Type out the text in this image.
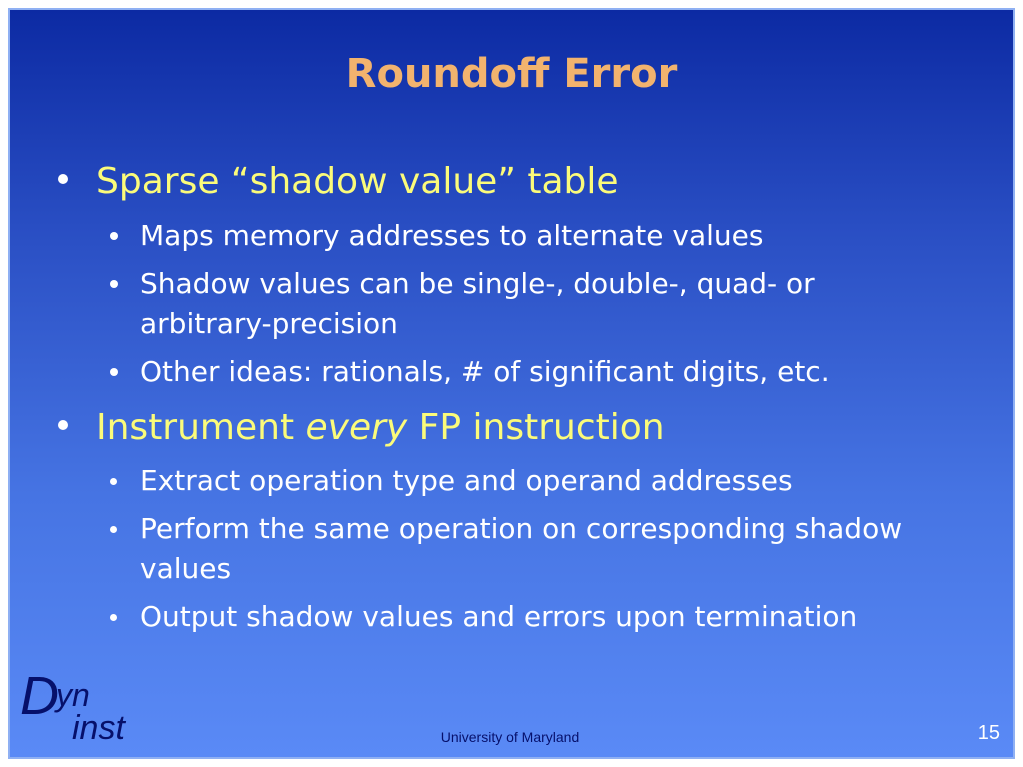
Roundoff Error

Sparse “shadow value” table

Maps memory addresses to alternate values

Shadow values can be single-, double-, quad- or arbitrary-precision

Other ideas: rationals, # of significant digits, etc.

Instrument every FP instruction

Extract operation type and operand addresses

Perform the same operation on corresponding shadow values

Output shadow values and errors upon termination

D
yn
inst	University of Maryland	15
